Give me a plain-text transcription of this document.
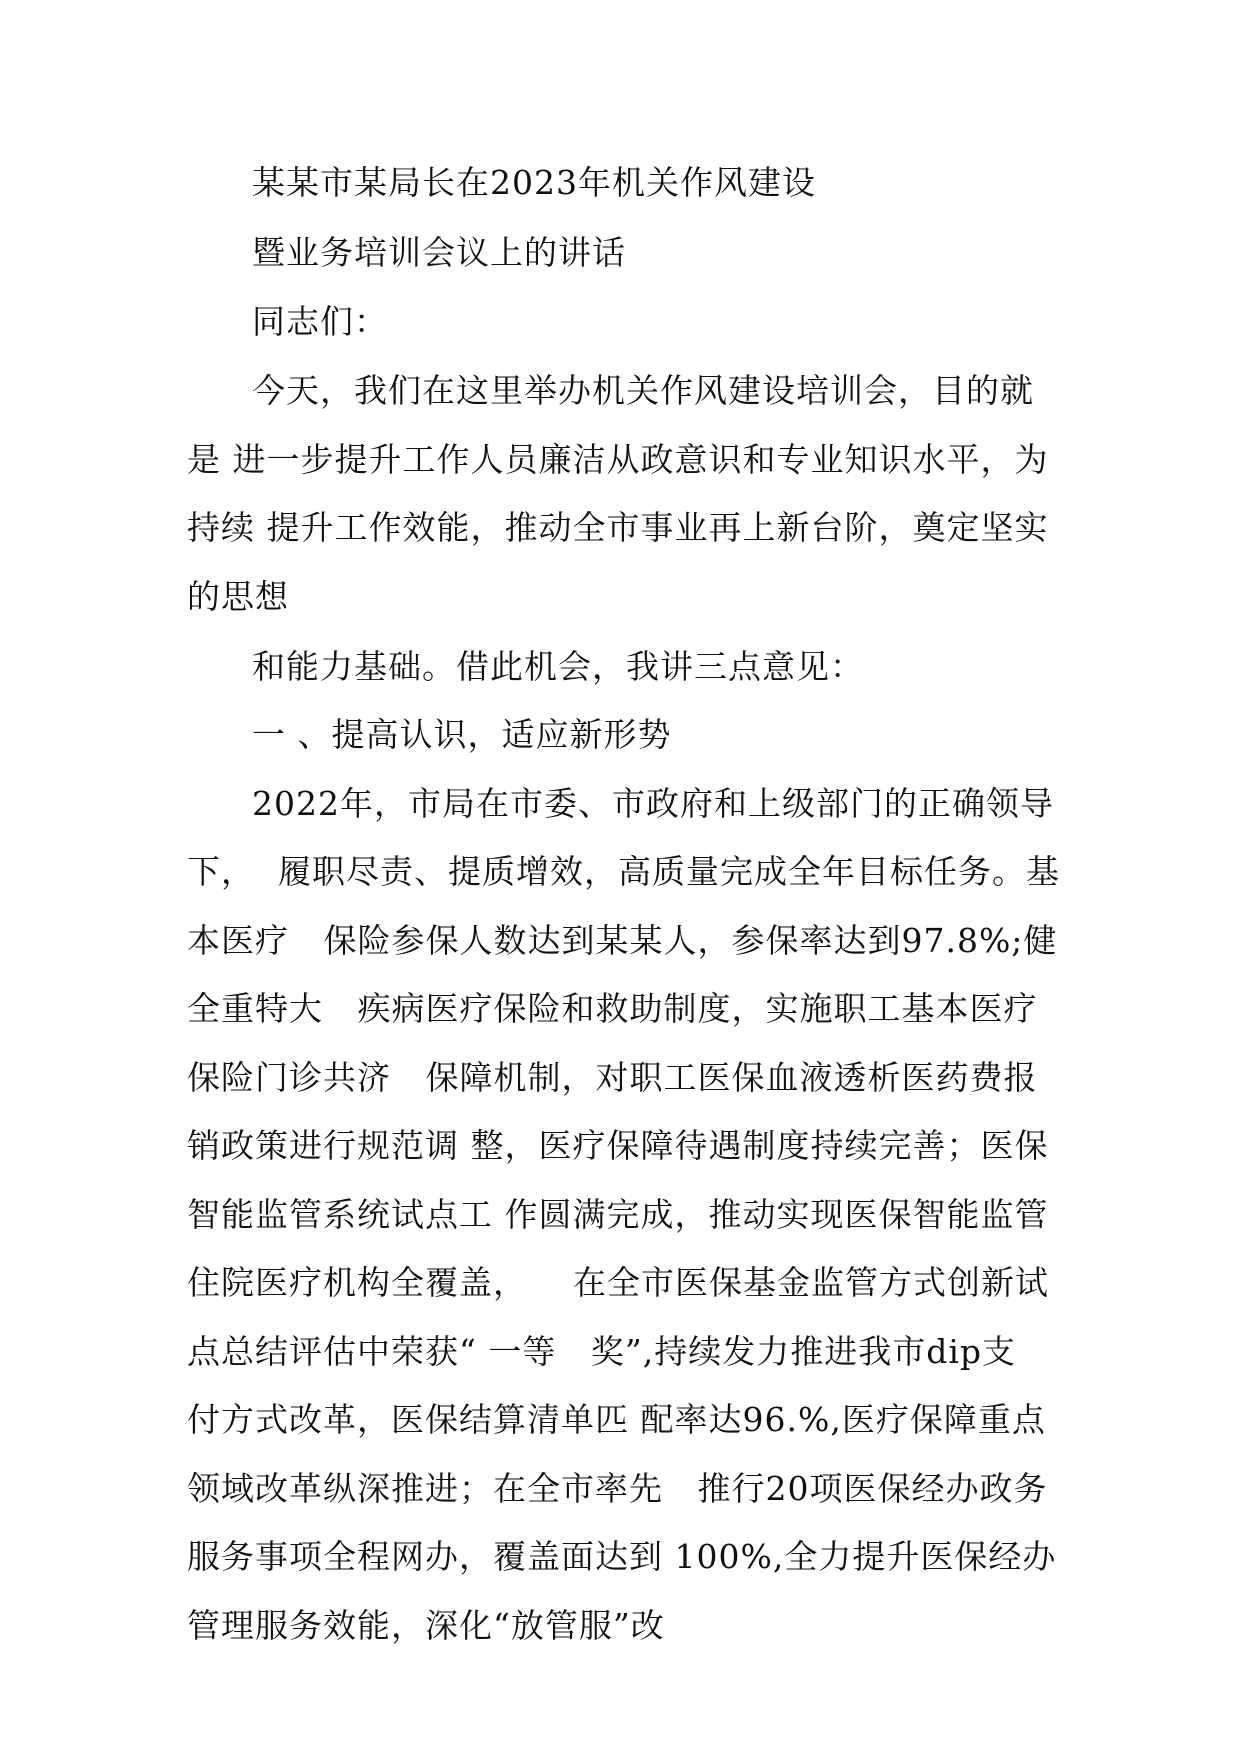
某某市某局长在2023年机关作风建设
暨业务培训会议上的讲话
同志们：
今天，我们在这里举办机关作风建设培训会，目的就
是 进一步提升工作人员廉洁从政意识和专业知识水平，为
持续 提升工作效能，推动全市事业再上新台阶，奠定坚实
的思想
和能力基础。借此机会，我讲三点意见：
一 、提高认识，适应新形势
2022年，市局在市委、市政府和上级部门的正确领导
下，  履职尽责、提质增效，高质量完成全年目标任务。基
本医疗   保险参保人数达到某某人，参保率达到97.8%;健
全重特大   疾病医疗保险和救助制度，实施职工基本医疗
保险门诊共济   保障机制，对职工医保血液透析医药费报
销政策进行规范调 整，医疗保障待遇制度持续完善；医保
智能监管系统试点工 作圆满完成，推动实现医保智能监管
住院医疗机构全覆盖，    在全市医保基金监管方式创新试
点总结评估中荣获“ 一等   奖”,持续发力推进我市dip支
付方式改革，医保结算清单匹 配率达96.%,医疗保障重点
领域改革纵深推进；在全市率先   推行20项医保经办政务
服务事项全程网办，覆盖面达到 100%,全力提升医保经办
管理服务效能，深化“放管服”改
